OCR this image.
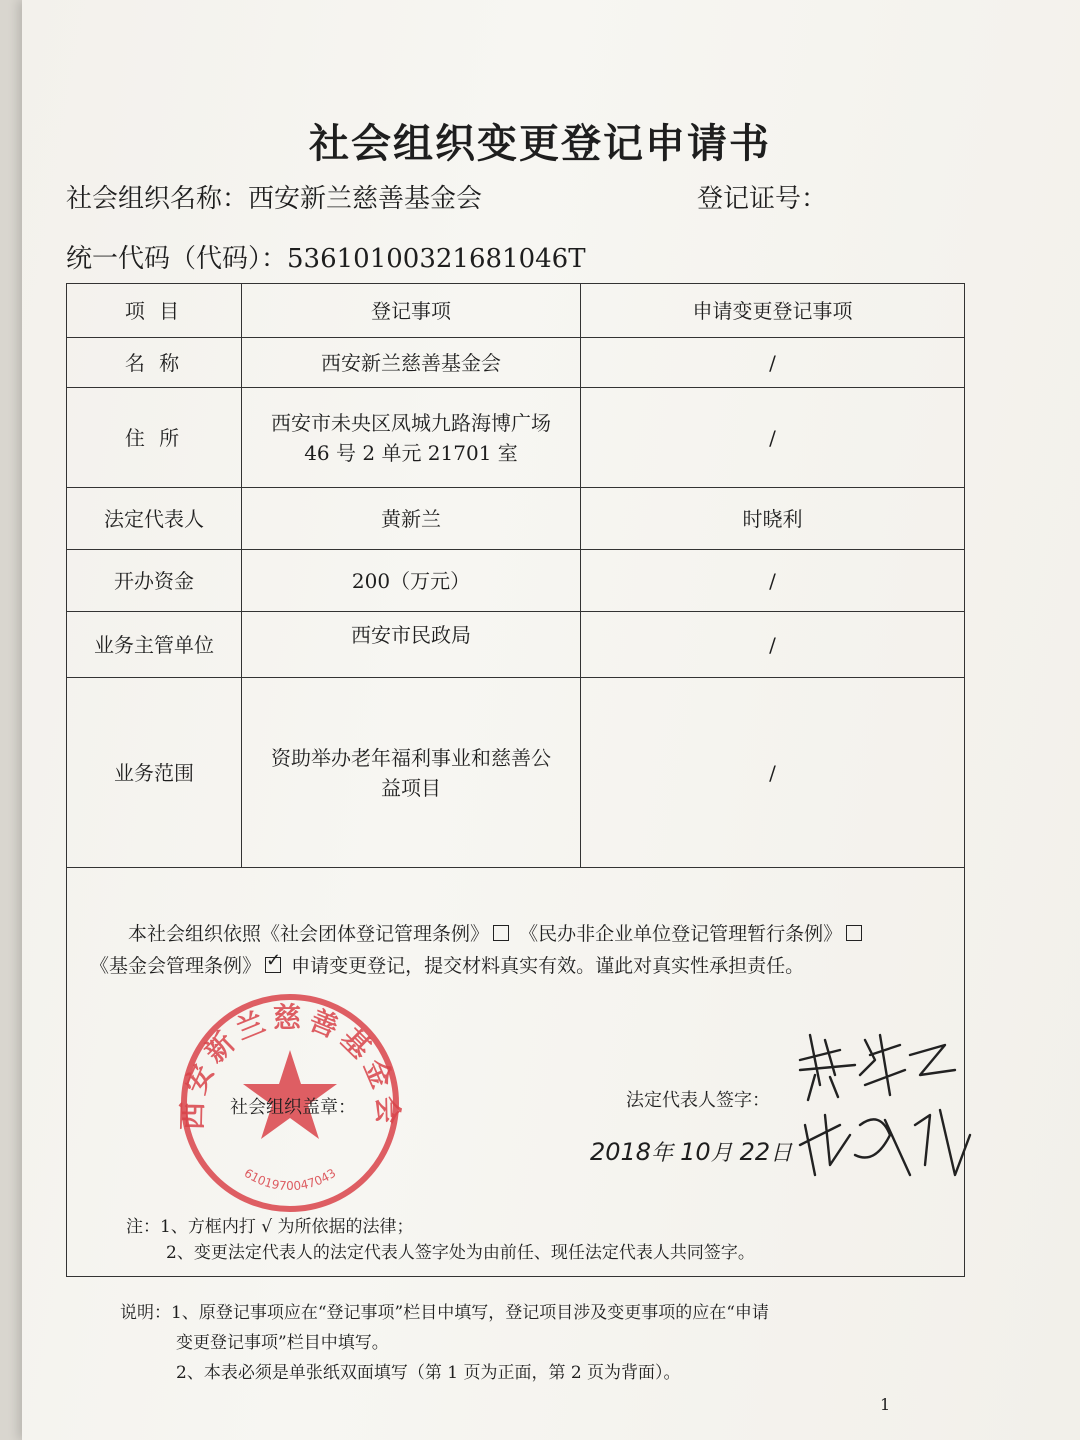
社会组织变更登记申请书
社会组织名称：西安新兰慈善基金会	登记证号：
统一代码（代码）：53610100321681046T
项 目	登记事项	申请变更登记事项
名 称	西安新兰慈善基金会	/
住 所	西安市未央区凤城九路海博广场 46 号 2 单元 21701 室	/
法定代表人	黄新兰	时晓利
开办资金	200（万元）	/
业务主管单位	西安市民政局	/
业务范围	资助举办老年福利事业和慈善公益项目	/
本社会组织依照《社会团体登记管理条例》 《民办非企业单位登记管理暂行条例》
《基金会管理条例》 ✓ 申请变更登记，提交材料真实有效。谨此对真实性承担责任。
西安新兰慈善基金会
6101970047043
社会组织盖章：	法定代表人签字：
2018年 10月 22日
注：1、方框内打 √ 为所依据的法律；
2、变更法定代表人的法定代表人签字处为由前任、现任法定代表人共同签字。
说明：1、原登记事项应在“登记事项”栏目中填写，登记项目涉及变更事项的应在“申请
变更登记事项”栏目中填写。
2、本表必须是单张纸双面填写（第 1 页为正面，第 2 页为背面）。
1
